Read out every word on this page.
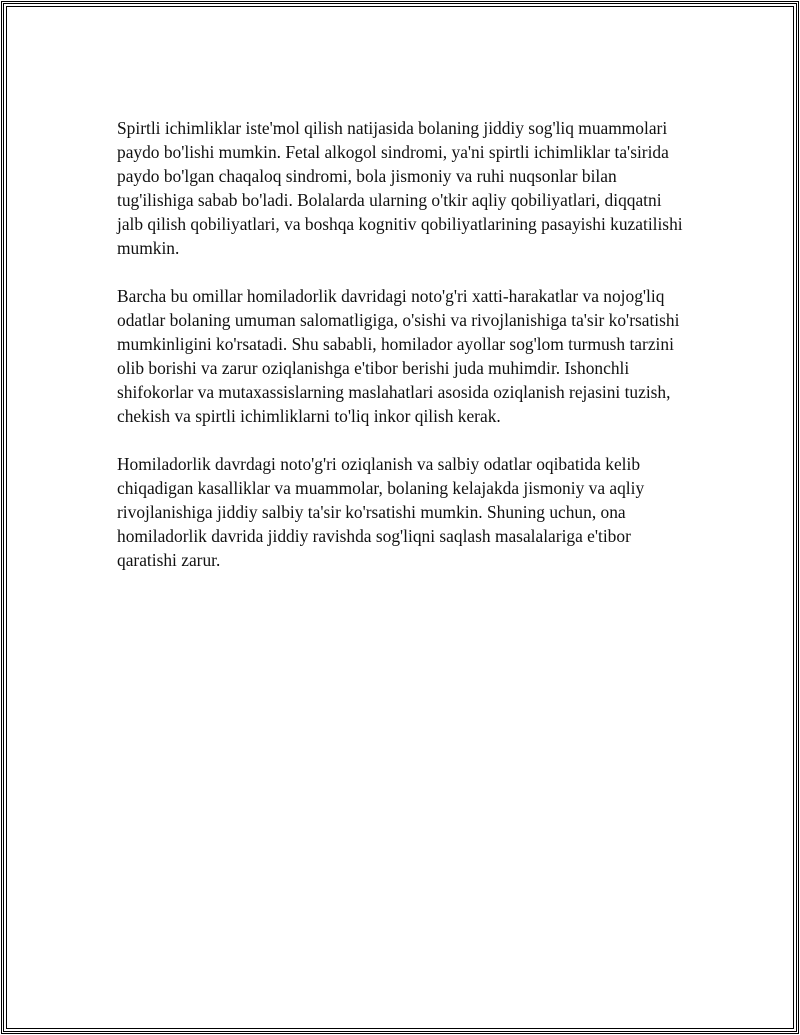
Spirtli ichimliklar iste'mol qilish natijasida bolaning jiddiy sog'liq muammolari paydo bo'lishi mumkin. Fetal alkogol sindromi, ya'ni spirtli ichimliklar ta'sirida paydo bo'lgan chaqaloq sindromi, bola jismoniy va ruhi nuqsonlar bilan tug'ilishiga sabab bo'ladi. Bolalarda ularning o'tkir aqliy qobiliyatlari, diqqatni jalb qilish qobiliyatlari, va boshqa kognitiv qobiliyatlarining pasayishi kuzatilishi mumkin.

Barcha bu omillar homiladorlik davridagi noto'g'ri xatti-harakatlar va nojog'liq odatlar bolaning umuman salomatligiga, o'sishi va rivojlanishiga ta'sir ko'rsatishi mumkinligini ko'rsatadi. Shu sababli, homilador ayollar sog'lom turmush tarzini olib borishi va zarur oziqlanishga e'tibor berishi juda muhimdir. Ishonchli shifokorlar va mutaxassislarning maslahatlari asosida oziqlanish rejasini tuzish, chekish va spirtli ichimliklarni to'liq inkor qilish kerak.

Homiladorlik davrdagi noto'g'ri oziqlanish va salbiy odatlar oqibatida kelib chiqadigan kasalliklar va muammolar, bolaning kelajakda jismoniy va aqliy rivojlanishiga jiddiy salbiy ta'sir ko'rsatishi mumkin. Shuning uchun, ona homiladorlik davrida jiddiy ravishda sog'liqni saqlash masalalariga e'tibor qaratishi zarur.
